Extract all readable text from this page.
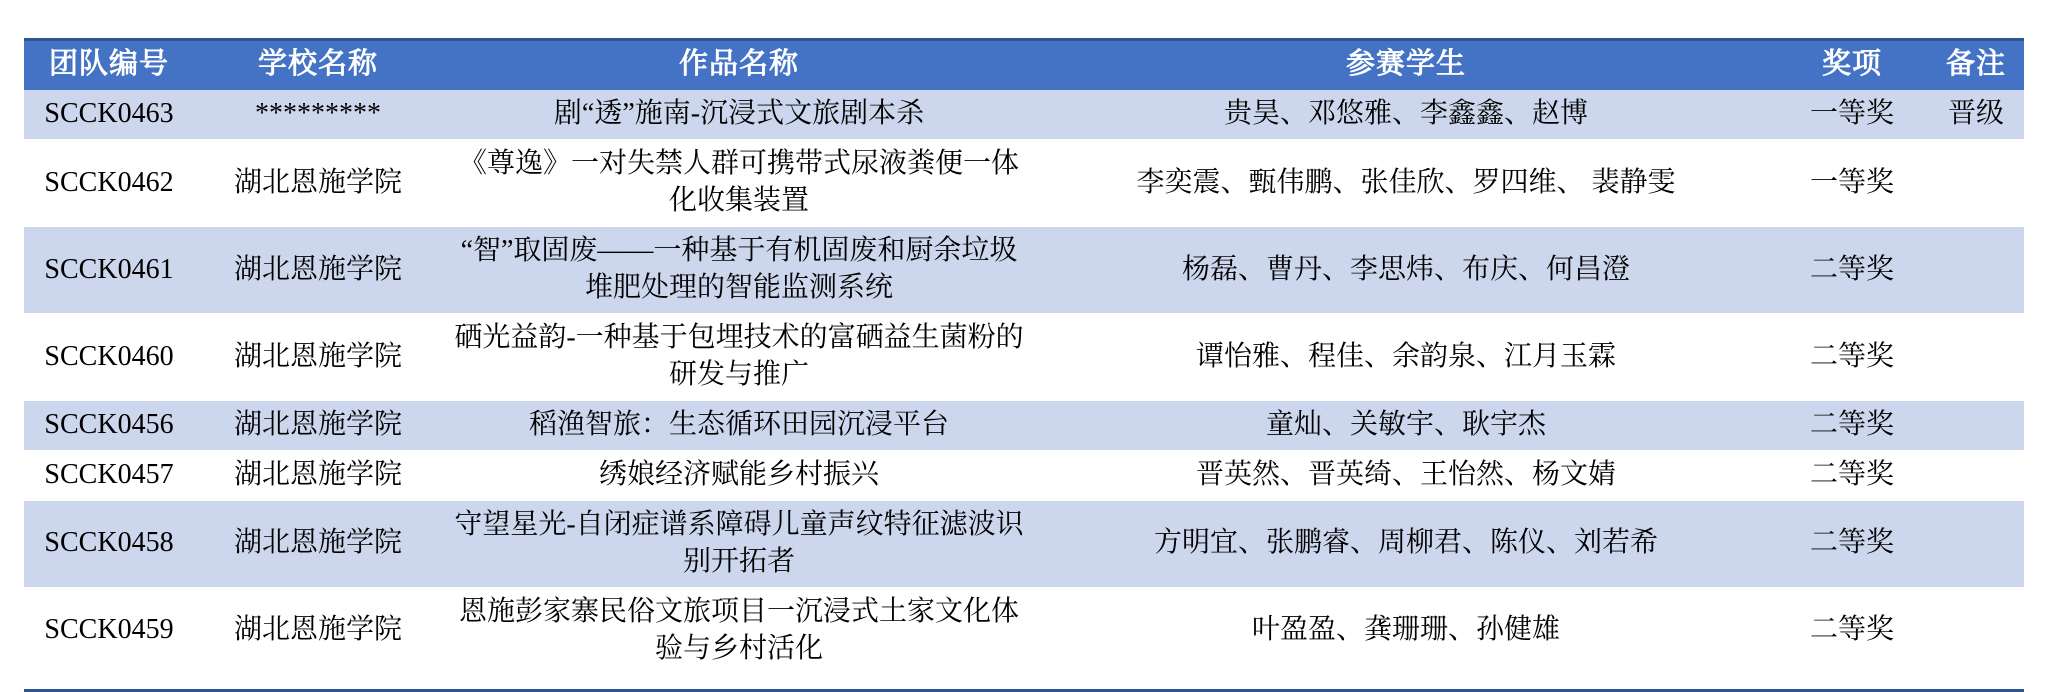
团队编号	学校名称	作品名称	参赛学生	奖项	备注
SCCK0463	*********	剧“透”施南-沉浸式文旅剧本杀	贵昊、邓悠雅、李鑫鑫、赵博	一等奖	晋级
SCCK0462	湖北恩施学院	《尊逸》一对失禁人群可携带式尿液粪便一体化收集装置	李奕震、甄伟鹏、张佳欣、罗四维、 裴静雯	一等奖	
SCCK0461	湖北恩施学院	“智”取固废——一种基于有机固废和厨余垃圾堆肥处理的智能监测系统	杨磊、曹丹、李思炜、布庆、何昌澄	二等奖	
SCCK0460	湖北恩施学院	硒光益韵-一种基于包埋技术的富硒益生菌粉的研发与推广	谭怡雅、程佳、余韵泉、江月玉霖	二等奖	
SCCK0456	湖北恩施学院	稻渔智旅：生态循环田园沉浸平台	童灿、关敏宇、耿宇杰	二等奖	
SCCK0457	湖北恩施学院	绣娘经济赋能乡村振兴	晋英然、晋英绮、王怡然、杨文婧	二等奖	
SCCK0458	湖北恩施学院	守望星光-自闭症谱系障碍儿童声纹特征滤波识别开拓者	方明宜、张鹏睿、周柳君、陈仪、刘若希	二等奖	
SCCK0459	湖北恩施学院	恩施彭家寨民俗文旅项目一沉浸式土家文化体验与乡村活化	叶盈盈、龚珊珊、孙健雄	二等奖	
